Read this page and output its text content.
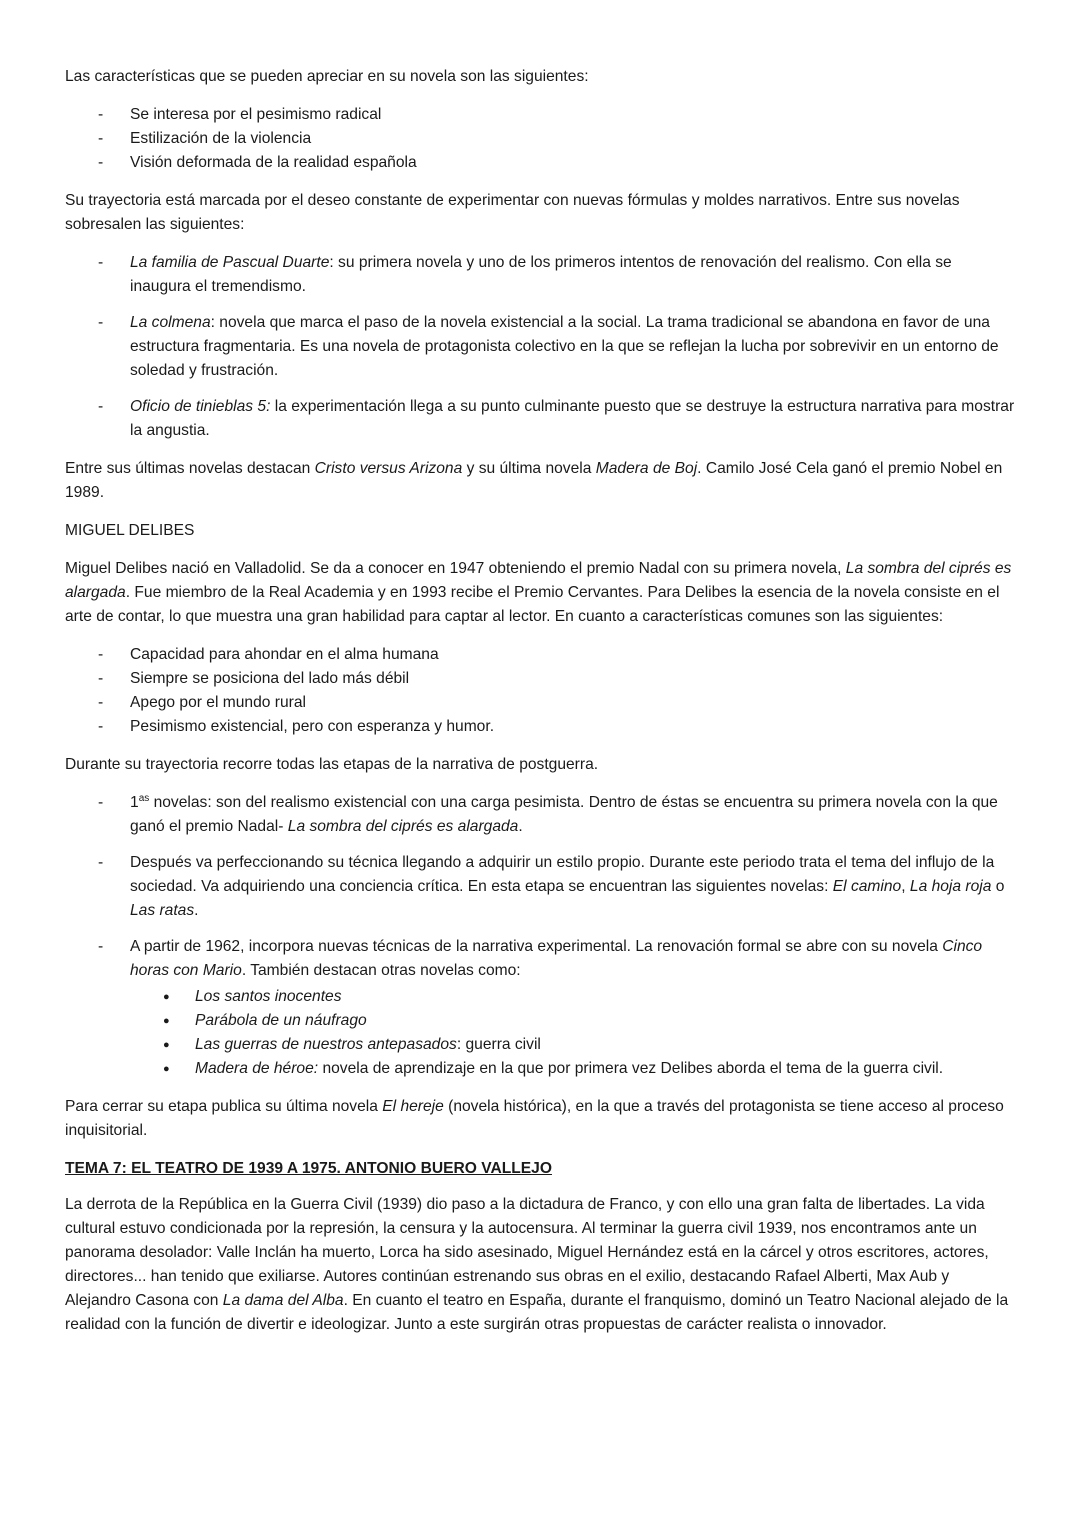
Las características que se pueden apreciar en su novela son las siguientes:

- Se interesa por el pesimismo radical
- Estilización de la violencia
- Visión deformada de la realidad española

Su trayectoria está marcada por el deseo constante de experimentar con nuevas fórmulas y moldes narrativos. Entre sus novelas sobresalen las siguientes:

- La familia de Pascual Duarte: su primera novela y uno de los primeros intentos de renovación del realismo. Con ella se inaugura el tremendismo.
- La colmena: novela que marca el paso de la novela existencial a la social. La trama tradicional se abandona en favor de una estructura fragmentaria. Es una novela de protagonista colectivo en la que se reflejan la lucha por sobrevivir en un entorno de soledad y frustración.
- Oficio de tinieblas 5: la experimentación llega a su punto culminante puesto que se destruye la estructura narrativa para mostrar la angustia.

Entre sus últimas novelas destacan Cristo versus Arizona y su última novela Madera de Boj. Camilo José Cela ganó el premio Nobel en 1989.

MIGUEL DELIBES

Miguel Delibes nació en Valladolid. Se da a conocer en 1947 obteniendo el premio Nadal con su primera novela, La sombra del ciprés es alargada. Fue miembro de la Real Academia y en 1993 recibe el Premio Cervantes. Para Delibes la esencia de la novela consiste en el arte de contar, lo que muestra una gran habilidad para captar al lector. En cuanto a características comunes son las siguientes:

- Capacidad para ahondar en el alma humana
- Siempre se posiciona del lado más débil
- Apego por el mundo rural
- Pesimismo existencial, pero con esperanza y humor.

Durante su trayectoria recorre todas las etapas de la narrativa de postguerra.

- $1^{as}$ novelas: son del realismo existencial con una carga pesimista. Dentro de éstas se encuentra su primera novela con la que ganó el premio Nadal- La sombra del ciprés es alargada.
- Después va perfeccionando su técnica llegando a adquirir un estilo propio. Durante este periodo trata el tema del influjo de la sociedad. Va adquiriendo una conciencia crítica. En esta etapa se encuentran las siguientes novelas: El camino, La hoja roja o Las ratas.
- A partir de 1962, incorpora nuevas técnicas de la narrativa experimental. La renovación formal se abre con su novela Cinco horas con Mario. También destacan otras novelas como:
● Los santos inocentes
● Parábola de un náufrago
● Las guerras de nuestros antepasados: guerra civil
● Madera de héroe: novela de aprendizaje en la que por primera vez Delibes aborda el tema de la guerra civil.

Para cerrar su etapa publica su última novela El hereje (novela histórica), en la que a través del protagonista se tiene acceso al proceso inquisitorial.

TEMA 7: EL TEATRO DE 1939 A 1975. ANTONIO BUERO VALLEJO

La derrota de la República en la Guerra Civil (1939) dio paso a la dictadura de Franco, y con ello una gran falta de libertades. La vida cultural estuvo condicionada por la represión, la censura y la autocensura. Al terminar la guerra civil 1939, nos encontramos ante un panorama desolador: Valle Inclán ha muerto, Lorca ha sido asesinado, Miguel Hernández está en la cárcel y otros escritores, actores, directores... han tenido que exiliarse. Autores continúan estrenando sus obras en el exilio, destacando Rafael Alberti, Max Aub y Alejandro Casona con La dama del Alba. En cuanto el teatro en España, durante el franquismo, dominó un Teatro Nacional alejado de la realidad con la función de divertir e ideologizar. Junto a este surgirán otras propuestas de carácter realista o innovador.
